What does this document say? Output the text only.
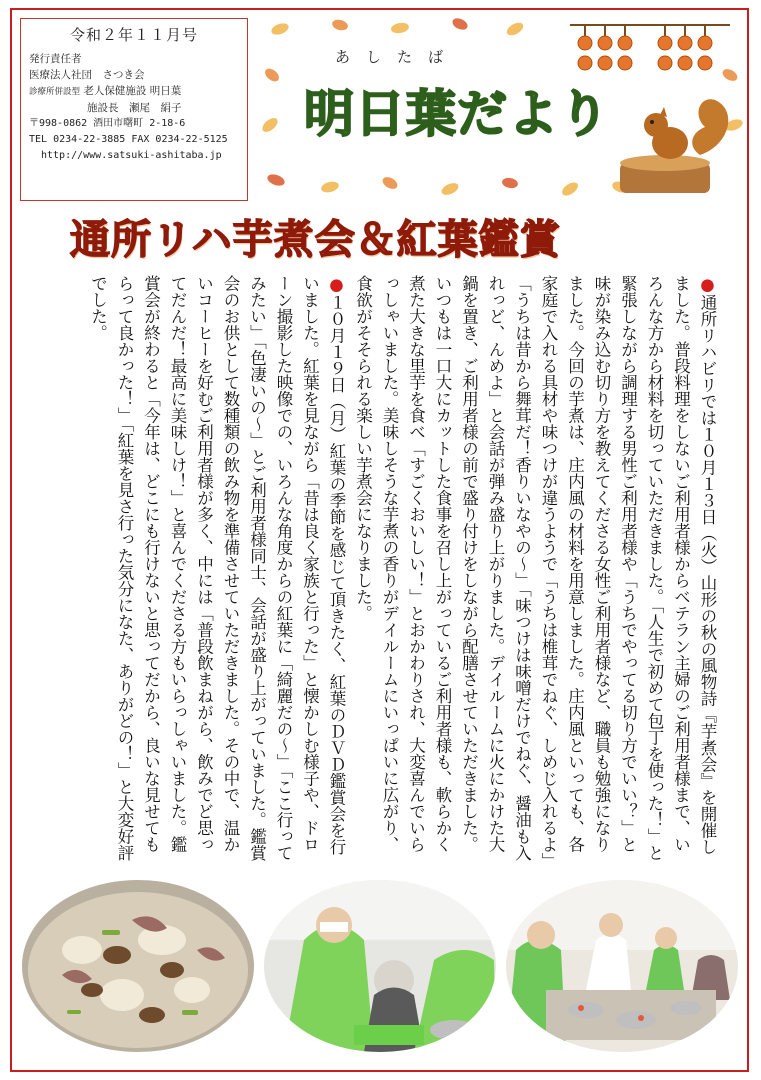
令和２年１１月号
発行責任者
医療法人社団　さつき会
診療所併設型 老人保健施設 明日葉
施設長　瀬尾　絹子
〒998-0862 酒田市曙町 2-18-6
TEL 0234-22-3885 FAX 0234-22-5125
http://www.satsuki-ashitaba.jp
あしたば
明日葉だより
通所リハ芋煮会＆紅葉鑑賞

●通所リハビリでは１０月１３日（火）山形の秋の風物詩『芋煮会』を開催しました。普段料理をしないご利用者様からベテラン主婦のご利用者様まで、いろんな方から材料を切っていただきました。「人生で初めて包丁を使った！」と緊張しながら調理する男性ご利用者様や「うちでやってる切り方でいい？」と味が染み込む切り方を教えてくださる女性ご利用者様など、職員も勉強になりました。今回の芋煮は、庄内風の材料を用意しました。庄内風といっても、各家庭で入れる具材や味つけが違うようで「うちは椎茸でねぐ、しめじ入れるよ」「うちは昔から舞茸だ！香りいなやの～」「味つけは味噌だけでねぐ、醤油も入れっど、んめよ」と会話が弾み盛り上がりました。デイルームに火にかけた大鍋を置き、ご利用者様の前で盛り付けをしながら配膳させていただきました。いつもは一口大にカットした食事を召し上がっているご利用者様も、軟らかく煮た大きな里芋を食べ「すごくおいしい！」とおかわりされ、大変喜んでいらっしゃいました。美味しそうな芋煮の香りがデイルームにいっぱいに広がり、食欲がそそられる楽しい芋煮会になりました。

●１０月１９日（月）紅葉の季節を感じて頂きたく、紅葉のＤＶＤ鑑賞会を行いました。紅葉を見ながら「昔は良く家族と行った」と懐かしむ様子や、ドローン撮影した映像での、いろんな角度からの紅葉に「綺麗だの～」「ここ行ってみたい」「色凄いの～」とご利用者様同士、会話が盛り上がっていました。鑑賞会のお供として数種類の飲み物を準備させていただきました。その中で、温かいコーヒーを好むご利用者様が多く、中には「普段飲まねがら、飲みでど思ってだんだ！最高に美味しけ！」と喜んでくださる方もいらっしゃいました。鑑賞会が終わると「今年は、どこにも行けないと思ってだから、良いな見せてもらって良かった！」「紅葉を見さ行った気分になた、ありがどの！」と大変好評でした。
